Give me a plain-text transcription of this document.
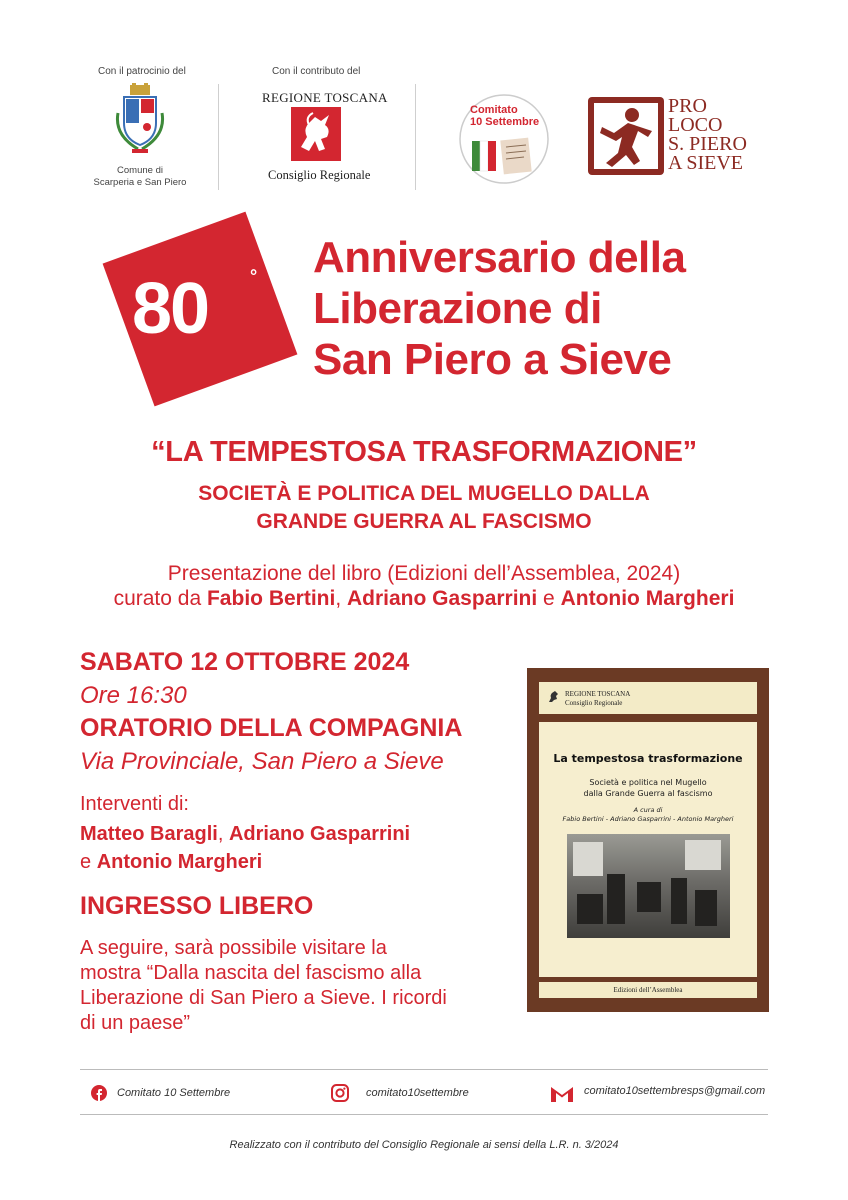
Con il patrocinio del
Comune di
Scarperia e San Piero
Con il contributo del
REGIONE TOSCANA
Consiglio Regionale
Comitato
10 Settembre
PRO
LOCO
S. PIERO
A SIEVE
80 ° Anniversario della
Liberazione di
San Piero a Sieve
“LA TEMPESTOSA TRASFORMAZIONE”
SOCIETÀ E POLITICA DEL MUGELLO DALLA
GRANDE GUERRA AL FASCISMO
Presentazione del libro (Edizioni dell’Assemblea, 2024)
curato da Fabio Bertini, Adriano Gasparrini e Antonio Margheri
SABATO 12 OTTOBRE 2024
Ore 16:30
ORATORIO DELLA COMPAGNIA
Via Provinciale, San Piero a Sieve
Interventi di:
Matteo Baragli, Adriano Gasparrini
e Antonio Margheri
INGRESSO LIBERO
A seguire, sarà possibile visitare la
mostra “Dalla nascita del fascismo alla
Liberazione di San Piero a Sieve. I ricordi
di un paese”
REGIONE TOSCANA
Consiglio Regionale
La tempestosa trasformazione
Società e politica nel Mugello
dalla Grande Guerra al fascismo
A cura di
Fabio Bertini - Adriano Gasparrini - Antonio Margheri
Edizioni dell’Assemblea
Comitato 10 Settembre	comitato10settembre	comitato10settembresps@gmail.com
Realizzato con il contributo del Consiglio Regionale ai sensi della L.R. n. 3/2024
